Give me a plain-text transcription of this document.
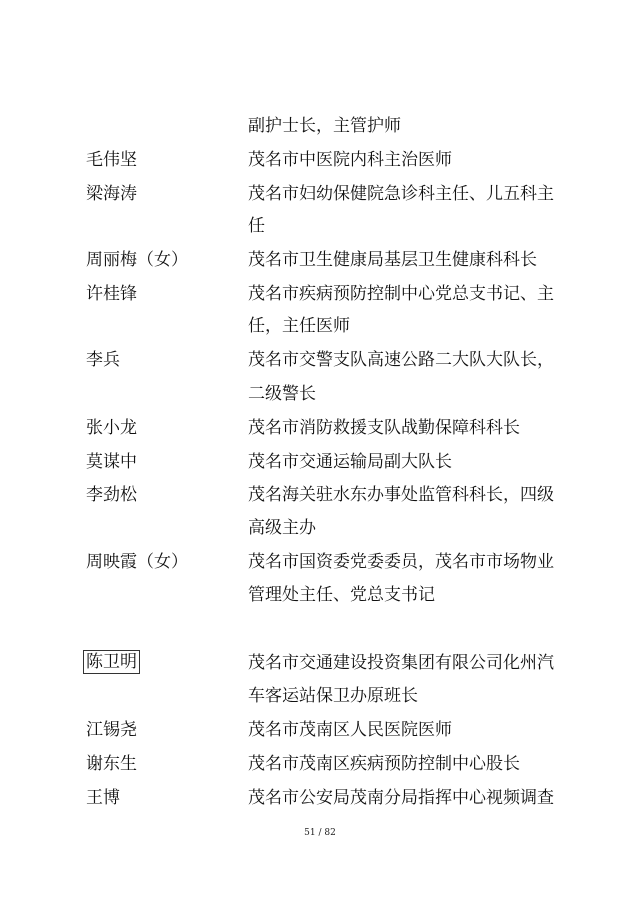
副护士长，主管护师
毛伟坚	茂名市中医院内科主治医师
梁海涛	茂名市妇幼保健院急诊科主任、儿五科主
任
周丽梅（女）	茂名市卫生健康局基层卫生健康科科长
许桂锋	茂名市疾病预防控制中心党总支书记、主
任，主任医师
李兵	茂名市交警支队高速公路二大队大队长，
二级警长
张小龙	茂名市消防救援支队战勤保障科科长
莫谋中	茂名市交通运输局副大队长
李劲松	茂名海关驻水东办事处监管科科长，四级
高级主办
周映霞（女）	茂名市国资委党委委员，茂名市市场物业
管理处主任、党总支书记
陈卫明	茂名市交通建设投资集团有限公司化州汽
车客运站保卫办原班长
江锡尧	茂名市茂南区人民医院医师
谢东生	茂名市茂南区疾病预防控制中心股长
王博	茂名市公安局茂南分局指挥中心视频调查
51 / 82
